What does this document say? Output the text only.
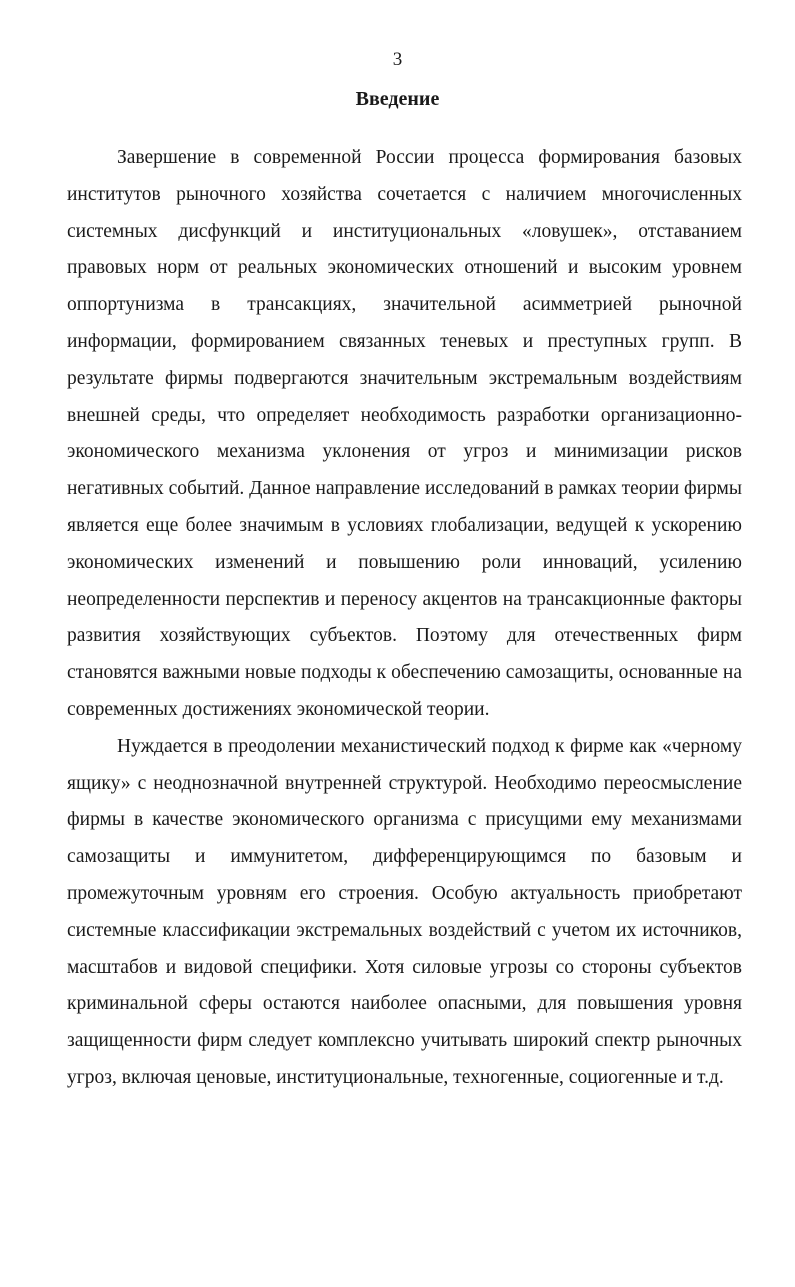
3
Введение

Завершение в современной России процесса формирования базовых институтов рыночного хозяйства сочетается с наличием многочисленных системных дисфункций и институциональных «ловушек», отставанием правовых норм от реальных экономических отношений и высоким уровнем оппортунизма в трансакциях, значительной асимметрией рыночной информации, формированием связанных теневых и преступных групп. В результате фирмы подвергаются значительным экстремальным воздействиям внешней среды, что определяет необходимость разработки организационно-экономического механизма уклонения от угроз и минимизации рисков негативных событий. Данное направление исследований в рамках теории фирмы является еще более значимым в условиях глобализации, ведущей к ускорению экономических изменений и повышению роли инноваций, усилению неопределенности перспектив и переносу акцентов на трансакционные факторы развития хозяйствующих субъектов. Поэтому для отечественных фирм становятся важными новые подходы к обеспечению самозащиты, основанные на современных достижениях экономической теории.

Нуждается в преодолении механистический подход к фирме как «черному ящику» с неоднозначной внутренней структурой. Необходимо переосмысление фирмы в качестве экономического организма с присущими ему механизмами самозащиты и иммунитетом, дифференцирующимся по базовым и промежуточным уровням его строения. Особую актуальность приобретают системные классификации экстремальных воздействий с учетом их источников, масштабов и видовой специфики. Хотя силовые угрозы со стороны субъектов криминальной сферы остаются наиболее опасными, для повышения уровня защищенности фирм следует комплексно учитывать широкий спектр рыночных угроз, включая ценовые, институциональные, техногенные, социогенные и т.д.
